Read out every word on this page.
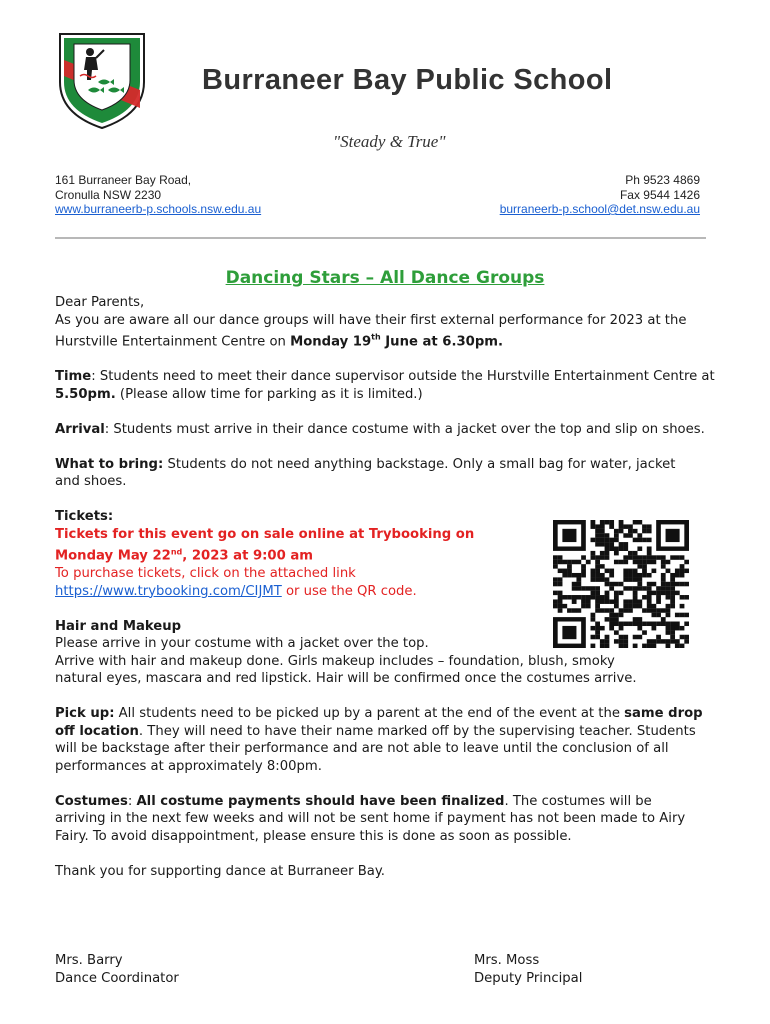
Burraneer Bay Public School
"Steady & True"
161 Burraneer Bay Road,
Cronulla NSW 2230
www.burraneerb-p.schools.nsw.edu.au
Ph 9523 4869
Fax 9544 1426
burraneerb-p.school@det.nsw.edu.au
Dancing Stars – All Dance Groups

Dear Parents,

As you are aware all our dance groups will have their first external performance for 2023 at the Hurstville Entertainment Centre on Monday 19th June at 6.30pm.

Time: Students need to meet their dance supervisor outside the Hurstville Entertainment Centre at 5.50pm. (Please allow time for parking as it is limited.)

Arrival: Students must arrive in their dance costume with a jacket over the top and slip on shoes.

What to bring: Students do not need anything backstage. Only a small bag for water, jacket and shoes.

Tickets:

Tickets for this event go on sale online at Trybooking on

Monday May 22nd, 2023 at 9:00 am

To purchase tickets, click on the attached link

https://www.trybooking.com/CIJMT or use the QR code.

Hair and Makeup

Please arrive in your costume with a jacket over the top.

Arrive with hair and makeup done. Girls makeup includes – foundation, blush, smoky natural eyes, mascara and red lipstick. Hair will be confirmed once the costumes arrive.

Pick up: All students need to be picked up by a parent at the end of the event at the same drop off location. They will need to have their name marked off by the supervising teacher. Students will be backstage after their performance and are not able to leave until the conclusion of all performances at approximately 8:00pm.

Costumes: All costume payments should have been finalized. The costumes will be arriving in the next few weeks and will not be sent home if payment has not been made to Airy Fairy. To avoid disappointment, please ensure this is done as soon as possible.

Thank you for supporting dance at Burraneer Bay.

Mrs. Barry
Dance Coordinator
Mrs. Moss
Deputy Principal
